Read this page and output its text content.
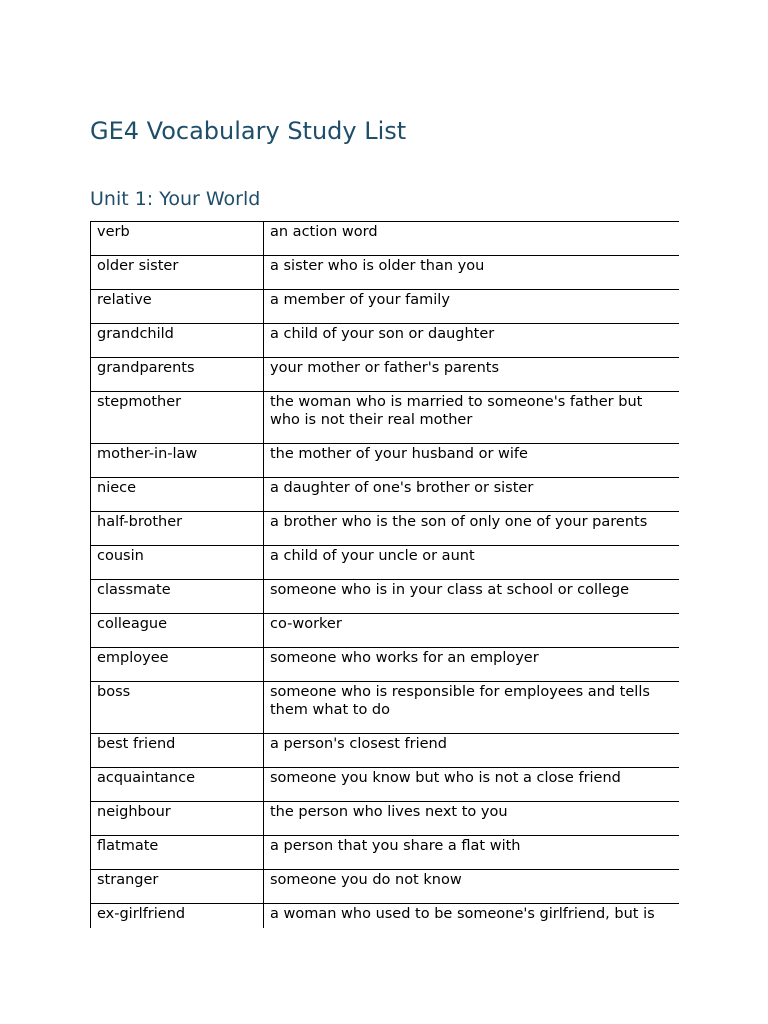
GE4 Vocabulary Study List
Unit 1: Your World
verb	an action word
older sister	a sister who is older than you
relative	a member of your family
grandchild	a child of your son or daughter
grandparents	your mother or father's parents
stepmother	the woman who is married to someone's father but who is not their real mother
mother-in-law	the mother of your husband or wife
niece	a daughter of one's brother or sister
half-brother	a brother who is the son of only one of your parents
cousin	a child of your uncle or aunt
classmate	someone who is in your class at school or college
colleague	co-worker
employee	someone who works for an employer
boss	someone who is responsible for employees and tells them what to do
best friend	a person's closest friend
acquaintance	someone you know but who is not a close friend
neighbour	the person who lives next to you
flatmate	a person that you share a flat with
stranger	someone you do not know
ex-girlfriend	a woman who used to be someone's girlfriend, but is
